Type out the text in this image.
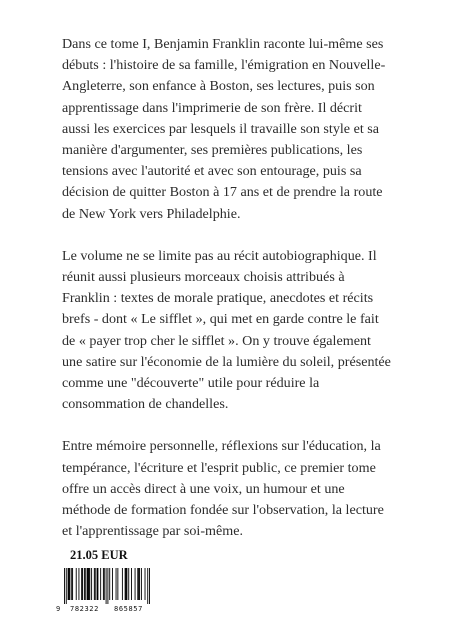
Dans ce tome I, Benjamin Franklin raconte lui-même ses débuts : l'histoire de sa famille, l'émigration en Nouvelle-Angleterre, son enfance à Boston, ses lectures, puis son apprentissage dans l'imprimerie de son frère. Il décrit aussi les exercices par lesquels il travaille son style et sa manière d'argumenter, ses premières publications, les tensions avec l'autorité et avec son entourage, puis sa décision de quitter Boston à 17 ans et de prendre la route de New York vers Philadelphie.

Le volume ne se limite pas au récit autobiographique. Il réunit aussi plusieurs morceaux choisis attribués à Franklin : textes de morale pratique, anecdotes et récits brefs - dont « Le sifflet », qui met en garde contre le fait de « payer trop cher le sifflet ». On y trouve également une satire sur l'économie de la lumière du soleil, présentée comme une "découverte" utile pour réduire la consommation de chandelles.

Entre mémoire personnelle, réflexions sur l'éducation, la tempérance, l'écriture et l'esprit public, ce premier tome offre un accès direct à une voix, un humour et une méthode de formation fondée sur l'observation, la lecture et l'apprentissage par soi-même.

21.05 EUR
9 782322 865857
